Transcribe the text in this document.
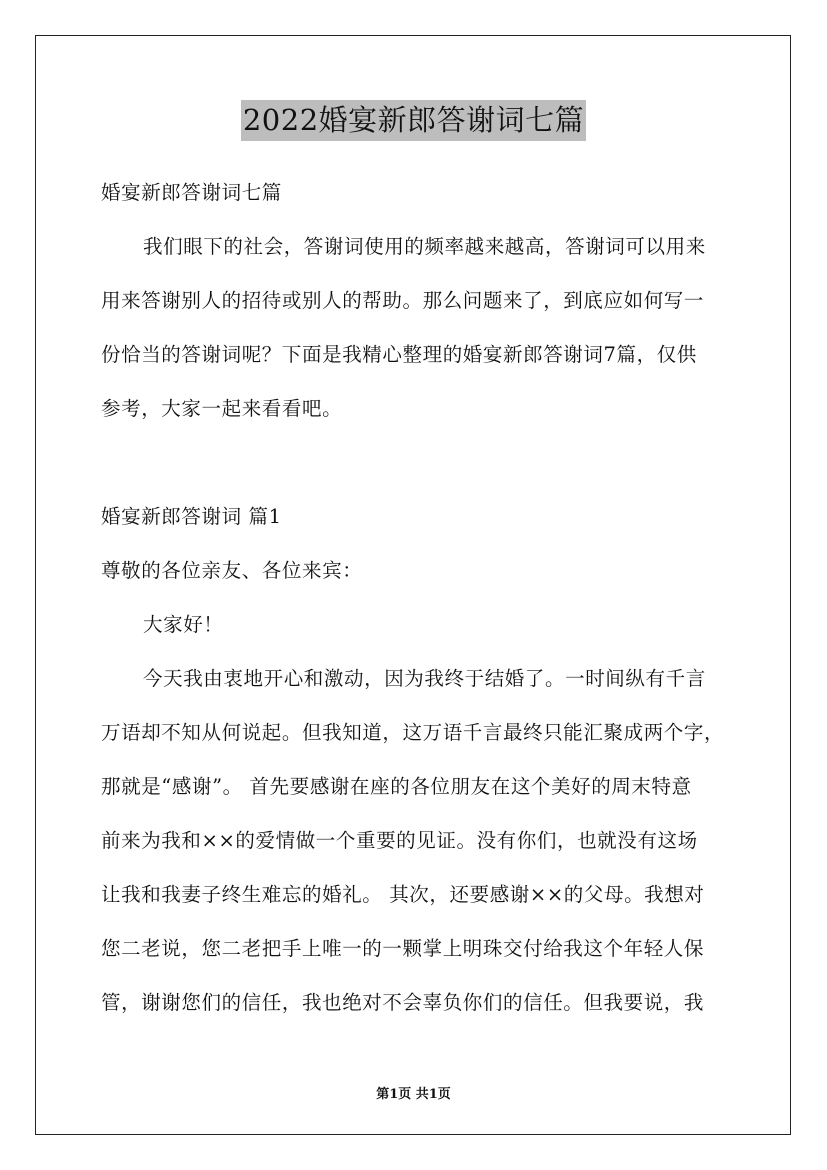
2022婚宴新郎答谢词七篇
婚宴新郎答谢词七篇
我们眼下的社会，答谢词使用的频率越来越高，答谢词可以用来
用来答谢别人的招待或别人的帮助。那么问题来了，到底应如何写一
份恰当的答谢词呢？下面是我精心整理的婚宴新郎答谢词7篇，仅供
参考，大家一起来看看吧。
婚宴新郎答谢词 篇1
尊敬的各位亲友、各位来宾：
大家好！
今天我由衷地开心和激动，因为我终于结婚了。一时间纵有千言
万语却不知从何说起。但我知道，这万语千言最终只能汇聚成两个字，
那就是“感谢”。 首先要感谢在座的各位朋友在这个美好的周末特意
前来为我和××的爱情做一个重要的见证。没有你们，也就没有这场
让我和我妻子终生难忘的婚礼。 其次，还要感谢××的父母。我想对
您二老说，您二老把手上唯一的一颗掌上明珠交付给我这个年轻人保
管，谢谢您们的信任，我也绝对不会辜负你们的信任。但我要说，我
第1页 共1页
